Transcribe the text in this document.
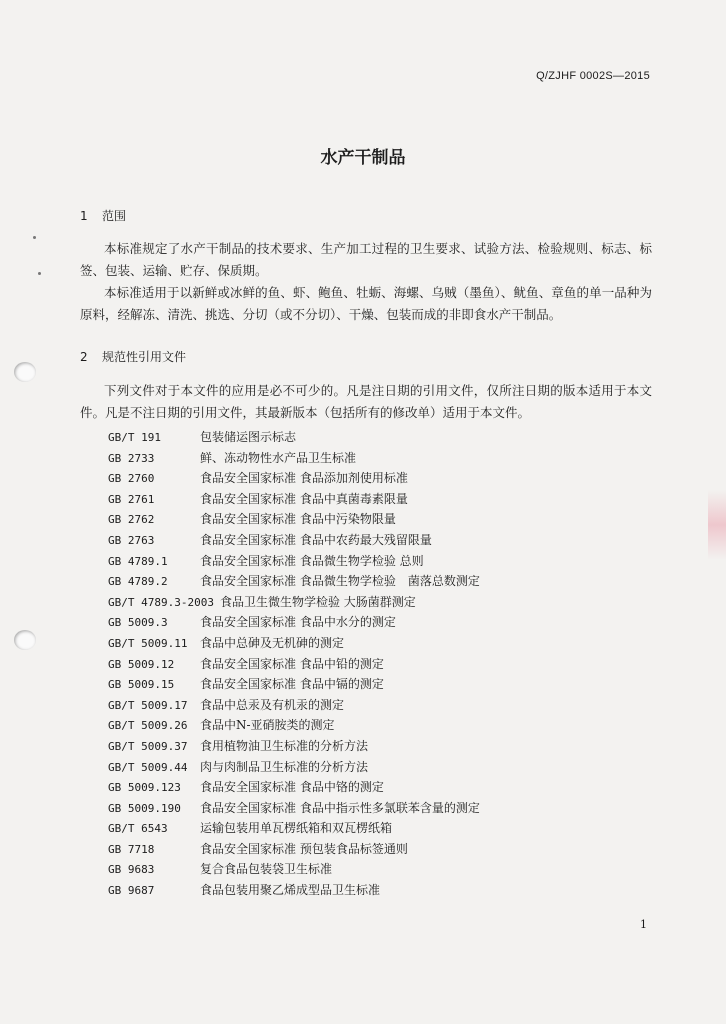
Q/ZJHF 0002S—2015
水产干制品
1 范围

本标准规定了水产干制品的技术要求、生产加工过程的卫生要求、试验方法、检验规则、标志、标签、包装、运输、贮存、保质期。

本标准适用于以新鲜或冰鲜的鱼、虾、鲍鱼、牡蛎、海螺、乌贼（墨鱼）、鱿鱼、章鱼的单一品种为原料，经解冻、清洗、挑选、分切（或不分切）、干燥、包装而成的非即食水产干制品。

2 规范性引用文件

下列文件对于本文件的应用是必不可少的。凡是注日期的引用文件，仅所注日期的版本适用于本文件。凡是不注日期的引用文件，其最新版本（包括所有的修改单）适用于本文件。

GB/T 191	包装储运图示标志
GB 2733	鲜、冻动物性水产品卫生标准
GB 2760	食品安全国家标准 食品添加剂使用标准
GB 2761	食品安全国家标准 食品中真菌毒素限量
GB 2762	食品安全国家标准 食品中污染物限量
GB 2763	食品安全国家标准 食品中农药最大残留限量
GB 4789.1	食品安全国家标准 食品微生物学检验 总则
GB 4789.2	食品安全国家标准 食品微生物学检验　菌落总数测定
GB/T 4789.3-2003 食品卫生微生物学检验 大肠菌群测定
GB 5009.3	食品安全国家标准 食品中水分的测定
GB/T 5009.11 食品中总砷及无机砷的测定
GB 5009.12 食品安全国家标准 食品中铅的测定
GB 5009.15 食品安全国家标准 食品中镉的测定
GB/T 5009.17 食品中总汞及有机汞的测定
GB/T 5009.26 食品中N-亚硝胺类的测定
GB/T 5009.37 食用植物油卫生标准的分析方法
GB/T 5009.44 肉与肉制品卫生标准的分析方法
GB 5009.123 食品安全国家标准 食品中铬的测定
GB 5009.190 食品安全国家标准 食品中指示性多氯联苯含量的测定
GB/T 6543	运输包装用单瓦楞纸箱和双瓦楞纸箱
GB 7718	食品安全国家标准 预包装食品标签通则
GB 9683	复合食品包装袋卫生标准
GB 9687	食品包装用聚乙烯成型品卫生标准
1
